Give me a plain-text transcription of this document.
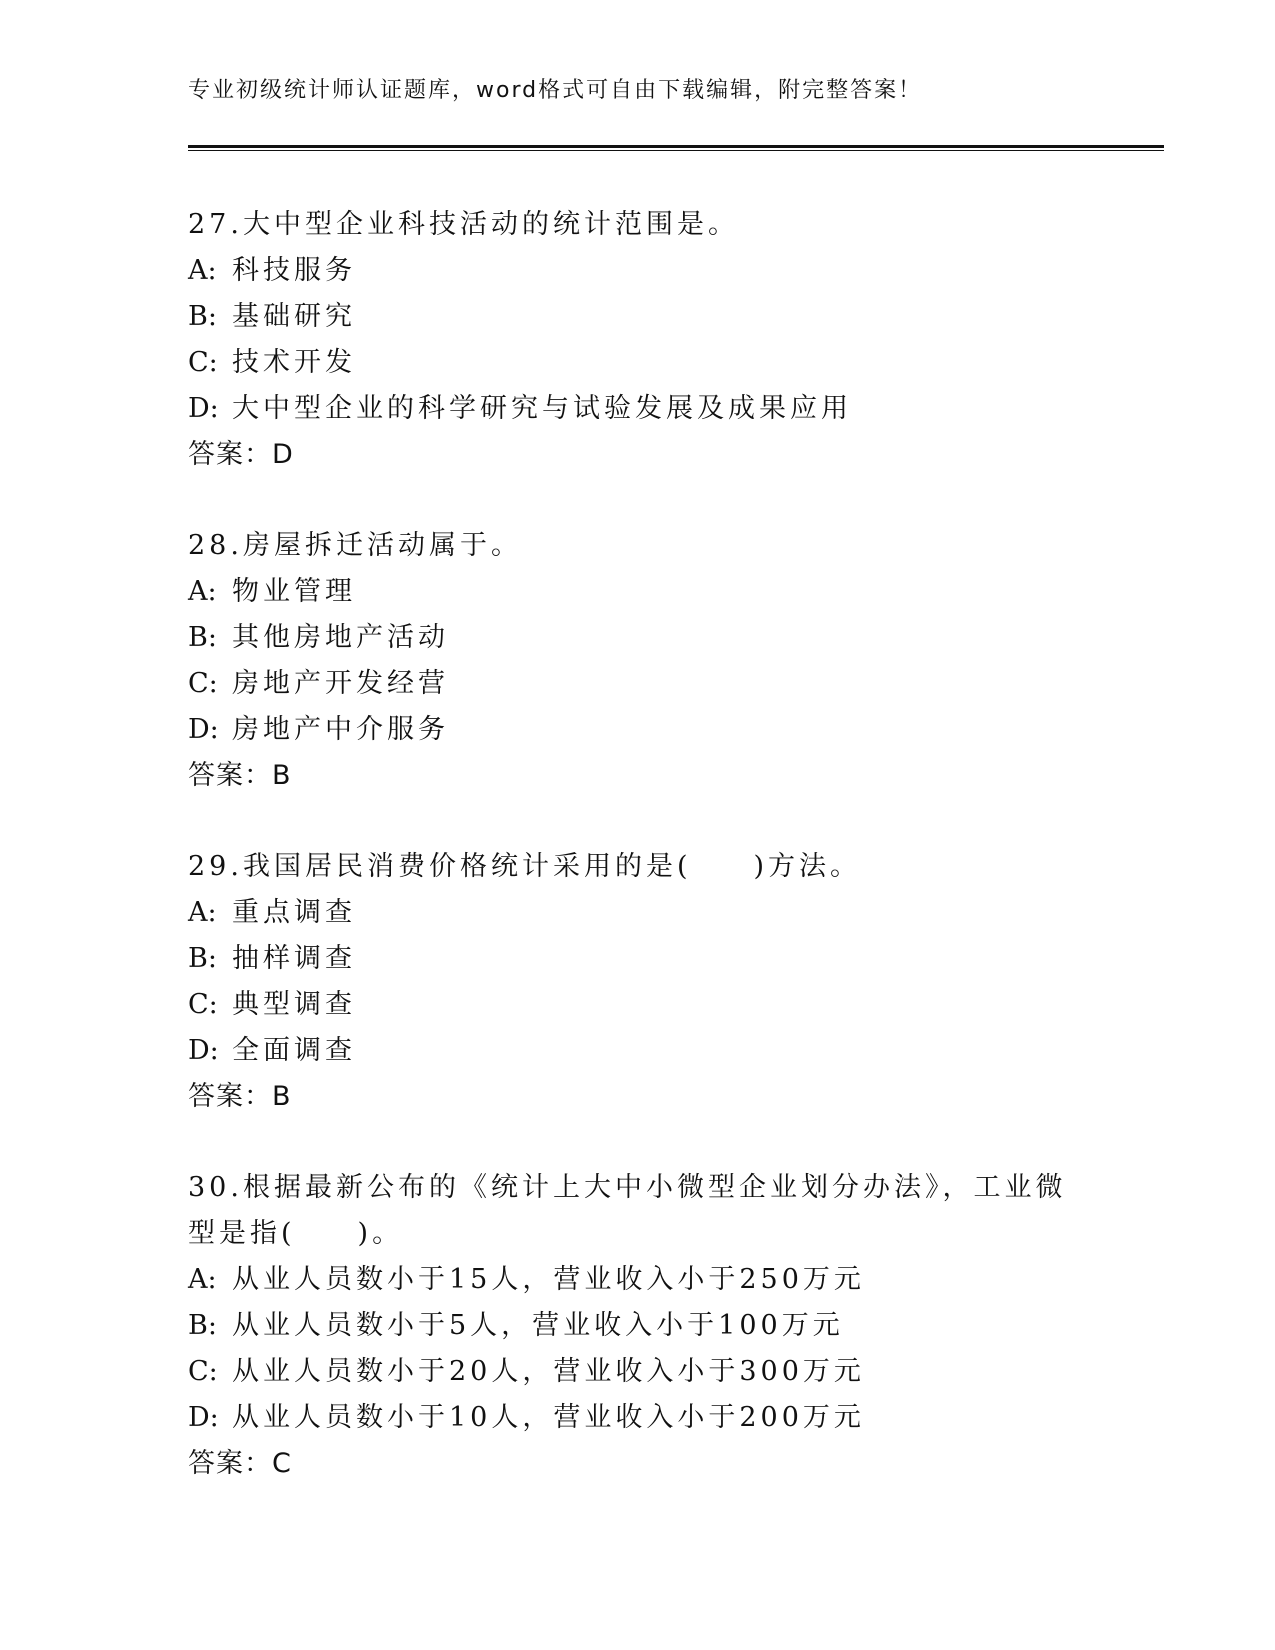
专业初级统计师认证题库，word格式可自由下载编辑，附完整答案！
27.大中型企业科技活动的统计范围是。
A: 科技服务
B: 基础研究
C: 技术开发
D: 大中型企业的科学研究与试验发展及成果应用
答案：D
28.房屋拆迁活动属于。
A: 物业管理
B: 其他房地产活动
C: 房地产开发经营
D: 房地产中介服务
答案：B
29.我国居民消费价格统计采用的是(　　)方法。
A: 重点调查
B: 抽样调查
C: 典型调查
D: 全面调查
答案：B
30.根据最新公布的《统计上大中小微型企业划分办法》，工业微型是指(　　)。
A: 从业人员数小于15人，营业收入小于250万元
B: 从业人员数小于5人，营业收入小于100万元
C: 从业人员数小于20人，营业收入小于300万元
D: 从业人员数小于10人，营业收入小于200万元
答案：C
